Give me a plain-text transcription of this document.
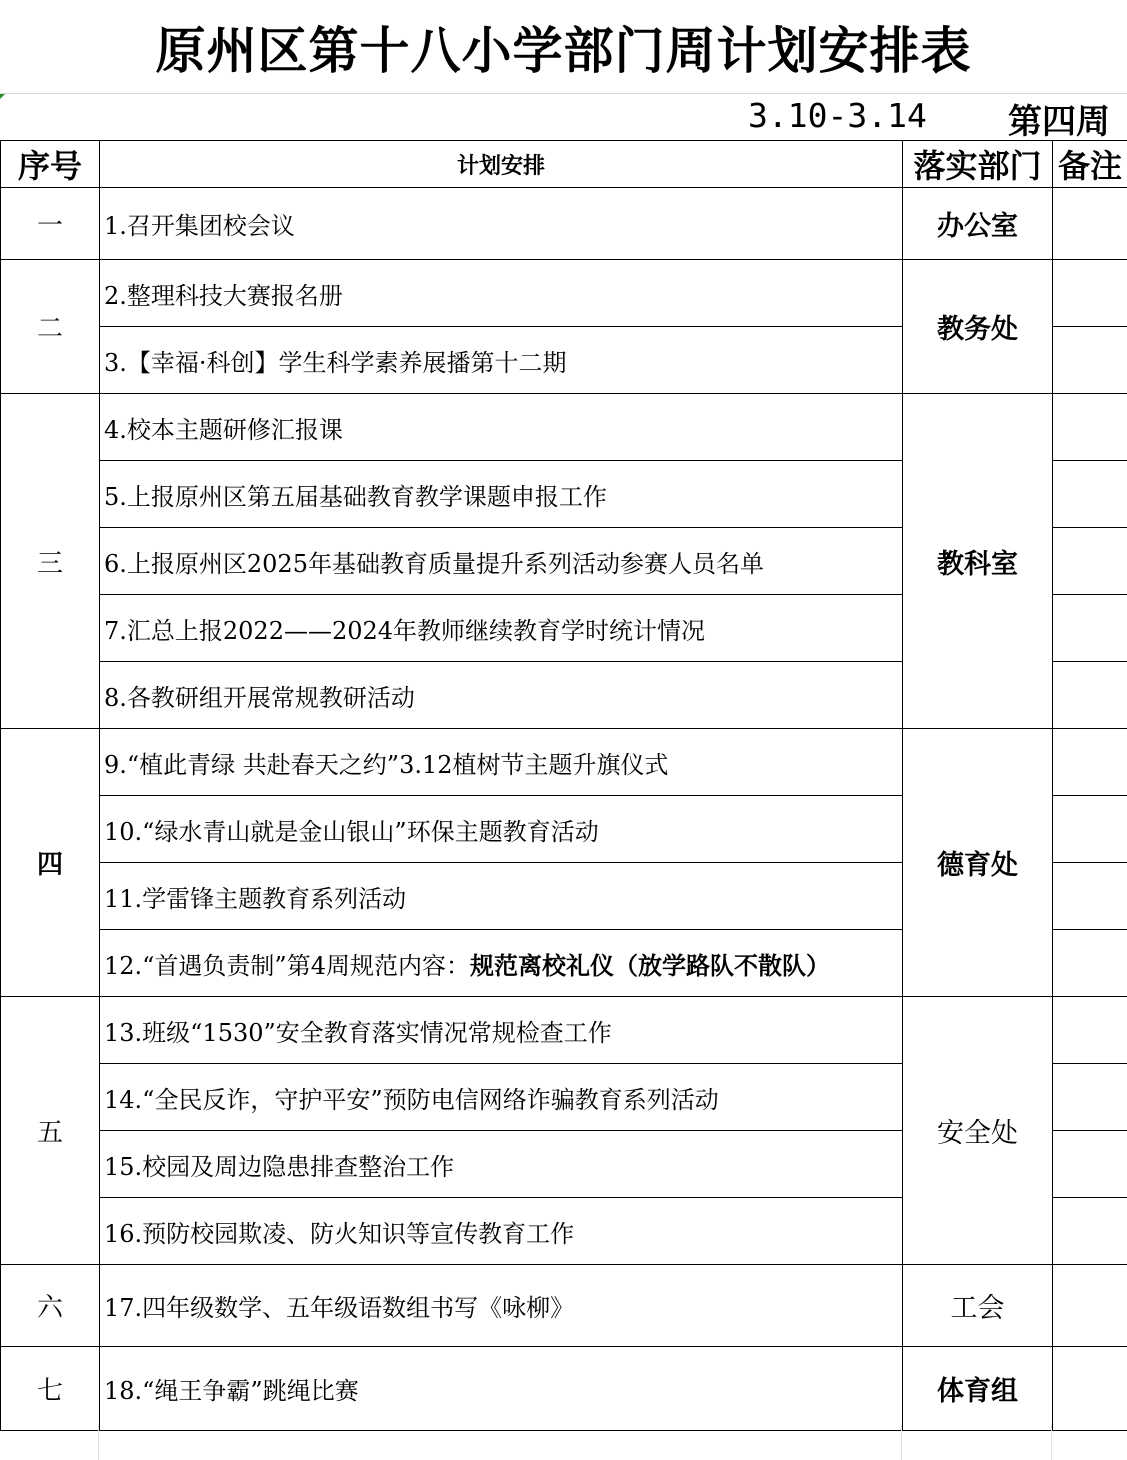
原州区第十八小学部门周计划安排表
3.10-3.14 第四周
序号	计划安排	落实部门	备注
一	1.召开集团校会议	办公室	
二	2.整理科技大赛报名册	教务处	
	3.【幸福·科创】学生科学素养展播第十二期		
三	4.校本主题研修汇报课	教科室	
	5.上报原州区第五届基础教育教学课题申报工作		
	6.上报原州区2025年基础教育质量提升系列活动参赛人员名单		
	7.汇总上报2022——2024年教师继续教育学时统计情况		
	8.各教研组开展常规教研活动		
四	9.“植此青绿 共赴春天之约”3.12植树节主题升旗仪式	德育处	
	10.“绿水青山就是金山银山”环保主题教育活动		
	11.学雷锋主题教育系列活动		
	12.“首遇负责制”第4周规范内容：规范离校礼仪（放学路队不散队）		
五	13.班级“1530”安全教育落实情况常规检查工作	安全处	
	14.“全民反诈，守护平安”预防电信网络诈骗教育系列活动		
	15.校园及周边隐患排查整治工作		
	16.预防校园欺凌、防火知识等宣传教育工作		
六	17.四年级数学、五年级语数组书写《咏柳》	工会	
七	18.“绳王争霸”跳绳比赛	体育组	
